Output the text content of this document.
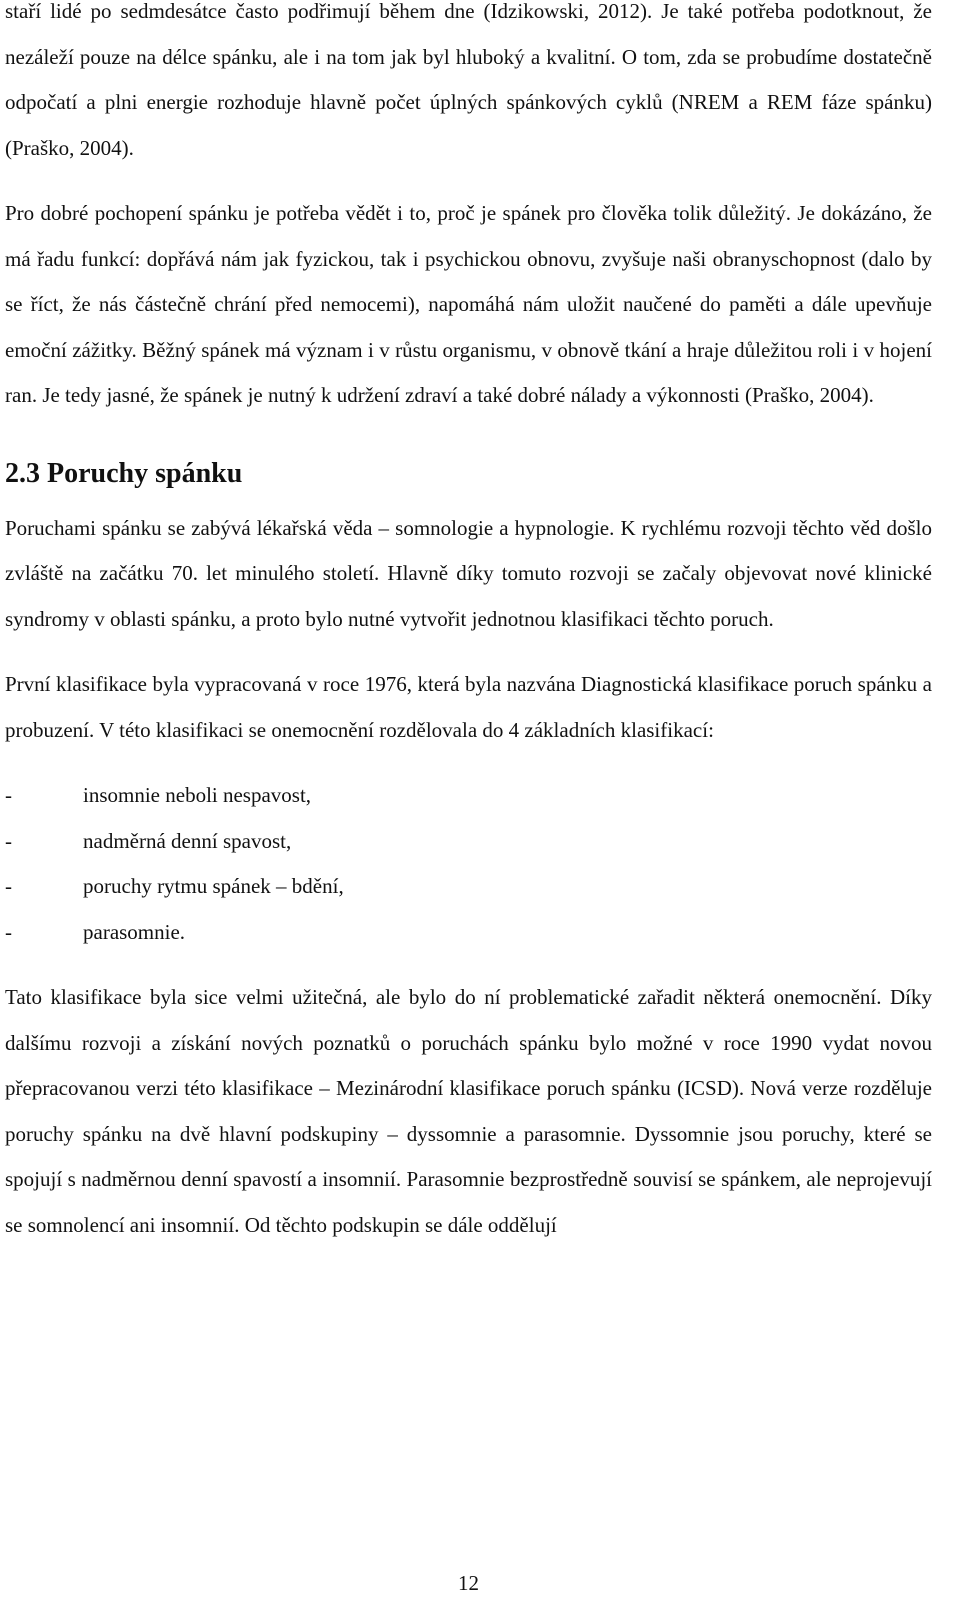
staří lidé po sedmdesátce často podřimují během dne (Idzikowski, 2012). Je také potřeba podotknout, že nezáleží pouze na délce spánku, ale i na tom jak byl hluboký a kvalitní. O tom, zda se probudíme dostatečně odpočatí a plni energie rozhoduje hlavně počet úplných spánkových cyklů (NREM a REM fáze spánku) (Praško, 2004).

Pro dobré pochopení spánku je potřeba vědět i to, proč je spánek pro člověka tolik důležitý. Je dokázáno, že má řadu funkcí: dopřává nám jak fyzickou, tak i psychickou obnovu, zvyšuje naši obranyschopnost (dalo by se říct, že nás částečně chrání před nemocemi), napomáhá nám uložit naučené do paměti a dále upevňuje emoční zážitky. Běžný spánek má význam i v růstu organismu, v obnově tkání a hraje důležitou roli i v hojení ran. Je tedy jasné, že spánek je nutný k udržení zdraví a také dobré nálady a výkonnosti (Praško, 2004).

2.3 Poruchy spánku

Poruchami spánku se zabývá lékařská věda – somnologie a hypnologie. K rychlému rozvoji těchto věd došlo zvláště na začátku 70. let minulého století. Hlavně díky tomuto rozvoji se začaly objevovat nové klinické syndromy v oblasti spánku, a proto bylo nutné vytvořit jednotnou klasifikaci těchto poruch.

První klasifikace byla vypracovaná v roce 1976, která byla nazvána Diagnostická klasifikace poruch spánku a probuzení. V této klasifikaci se onemocnění rozdělovala do 4 základních klasifikací:

-	insomnie neboli nespavost,
-	nadměrná denní spavost,
-	poruchy rytmu spánek – bdění,
-	parasomnie.

Tato klasifikace byla sice velmi užitečná, ale bylo do ní problematické zařadit některá onemocnění. Díky dalšímu rozvoji a získání nových poznatků o poruchách spánku bylo možné v roce 1990 vydat novou přepracovanou verzi této klasifikace – Mezinárodní klasifikace poruch spánku (ICSD). Nová verze rozděluje poruchy spánku na dvě hlavní podskupiny – dyssomnie a parasomnie. Dyssomnie jsou poruchy, které se spojují s nadměrnou denní spavostí a insomnií. Parasomnie bezprostředně souvisí se spánkem, ale neprojevují se somnolencí ani insomnií. Od těchto podskupin se dále oddělují

12
